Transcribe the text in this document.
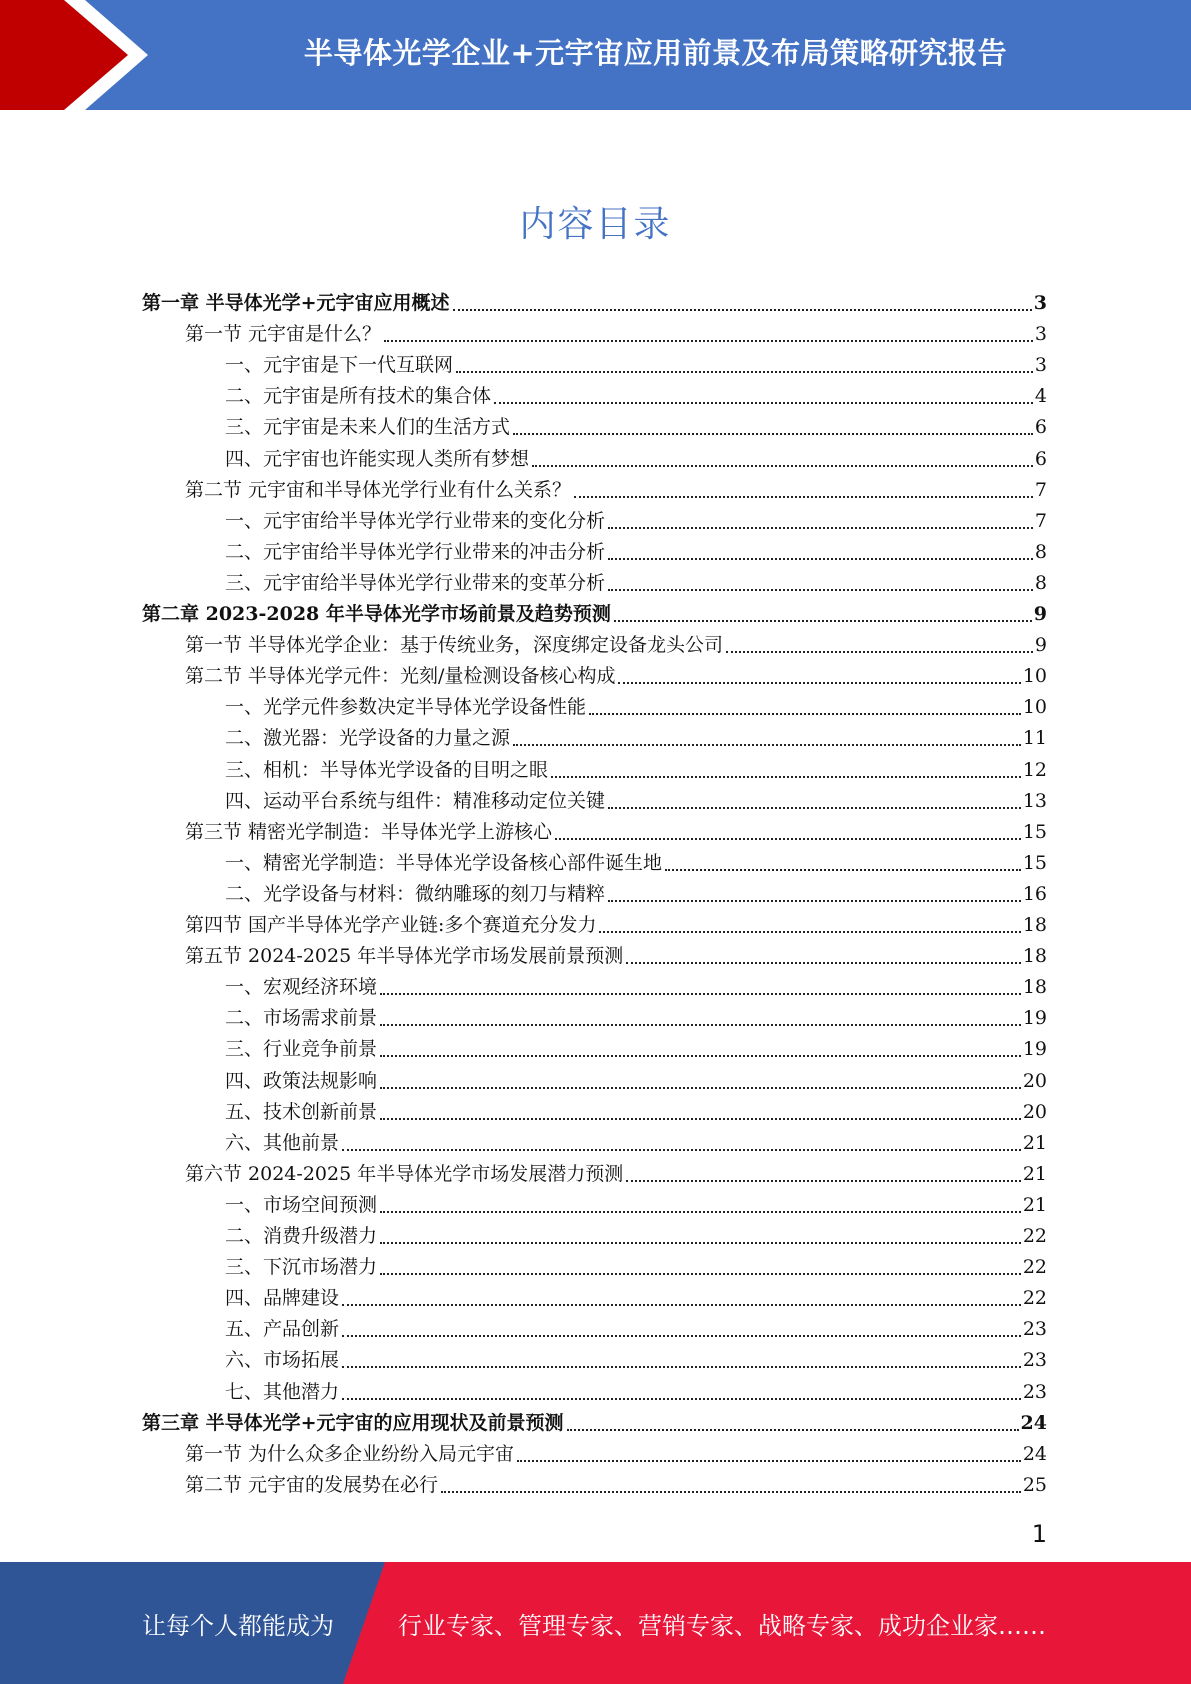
半导体光学企业+元宇宙应用前景及布局策略研究报告
内容目录
第一章 半导体光学+元宇宙应用概述	3
第一节 元宇宙是什么？	3
一、元宇宙是下一代互联网	3
二、元宇宙是所有技术的集合体	4
三、元宇宙是未来人们的生活方式	6
四、元宇宙也许能实现人类所有梦想	6
第二节 元宇宙和半导体光学行业有什么关系？	7
一、元宇宙给半导体光学行业带来的变化分析	7
二、元宇宙给半导体光学行业带来的冲击分析	8
三、元宇宙给半导体光学行业带来的变革分析	8
第二章 2023-2028 年半导体光学市场前景及趋势预测	9
第一节 半导体光学企业：基于传统业务，深度绑定设备龙头公司	9
第二节 半导体光学元件：光刻/量检测设备核心构成	10
一、光学元件参数决定半导体光学设备性能	10
二、激光器：光学设备的力量之源	11
三、相机：半导体光学设备的目明之眼	12
四、运动平台系统与组件：精准移动定位关键	13
第三节 精密光学制造：半导体光学上游核心	15
一、精密光学制造：半导体光学设备核心部件诞生地	15
二、光学设备与材料：微纳雕琢的刻刀与精粹	16
第四节 国产半导体光学产业链:多个赛道充分发力	18
第五节 2024-2025 年半导体光学市场发展前景预测	18
一、宏观经济环境	18
二、市场需求前景	19
三、行业竞争前景	19
四、政策法规影响	20
五、技术创新前景	20
六、其他前景	21
第六节 2024-2025 年半导体光学市场发展潜力预测	21
一、市场空间预测	21
二、消费升级潜力	22
三、下沉市场潜力	22
四、品牌建设	22
五、产品创新	23
六、市场拓展	23
七、其他潜力	23
第三章 半导体光学+元宇宙的应用现状及前景预测	24
第一节 为什么众多企业纷纷入局元宇宙	24
第二节 元宇宙的发展势在必行	25
1
让每个人都能成为	行业专家、管理专家、营销专家、战略专家、成功企业家……
